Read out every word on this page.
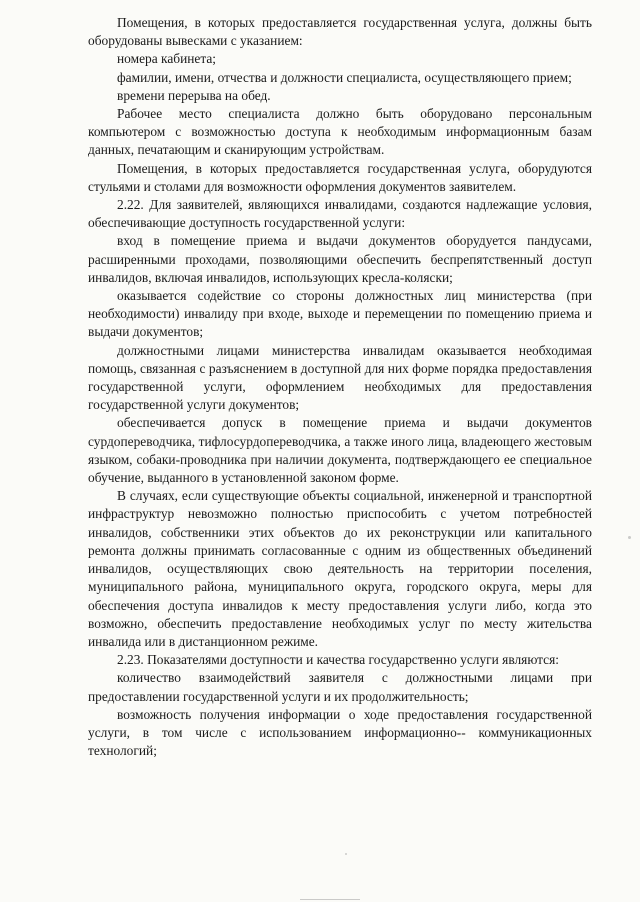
Помещения, в которых предоставляется государственная услуга, должны быть оборудованы вывесками с указанием:

номера кабинета;

фамилии, имени, отчества и должности специалиста, осуществляющего прием;

времени перерыва на обед.

Рабочее место специалиста должно быть оборудовано персональным компьютером с возможностью доступа к необходимым информационным базам данных, печатающим и сканирующим устройствам.

Помещения, в которых предоставляется государственная услуга, оборудуются стульями и столами для возможности оформления документов заявителем.

2.22. Для заявителей, являющихся инвалидами, создаются надлежащие условия, обеспечивающие доступность государственной услуги:

вход в помещение приема и выдачи документов оборудуется пандусами, расширенными проходами, позволяющими обеспечить беспрепятственный доступ инвалидов, включая инвалидов, использующих кресла-коляски;

оказывается содействие со стороны должностных лиц министерства (при необходимости) инвалиду при входе, выходе и перемещении по помещению приема и выдачи документов;

должностными лицами министерства инвалидам оказывается необходимая помощь, связанная с разъяснением в доступной для них форме порядка предоставления государственной услуги, оформлением необходимых для предоставления государственной услуги документов;

обеспечивается допуск в помещение приема и выдачи документов сурдопереводчика, тифлосурдопереводчика, а также иного лица, владеющего жестовым языком, собаки-проводника при наличии документа, подтверждающего ее специальное обучение, выданного в установленной законом форме.

В случаях, если существующие объекты социальной, инженерной и транспортной инфраструктур невозможно полностью приспособить с учетом потребностей инвалидов, собственники этих объектов до их реконструкции или капитального ремонта должны принимать согласованные с одним из общественных объединений инвалидов, осуществляющих свою деятельность на территории поселения, муниципального района, муниципального округа, городского округа, меры для обеспечения доступа инвалидов к месту предоставления услуги либо, когда это возможно, обеспечить предоставление необходимых услуг по месту жительства инвалида или в дистанционном режиме.

2.23. Показателями доступности и качества государственно услуги являются:

количество взаимодействий заявителя с должностными лицами при предоставлении государственной услуги и их продолжительность;

возможность получения информации о ходе предоставления государственной услуги, в том числе с использованием информационно-- коммуникационных технологий;
